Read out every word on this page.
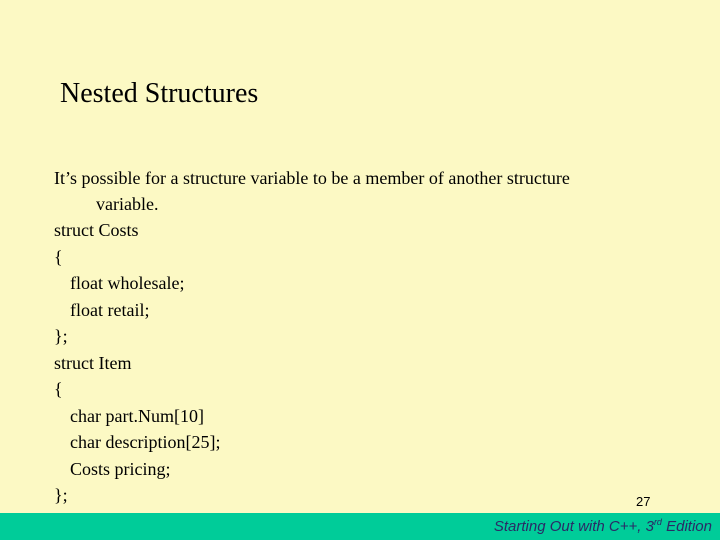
Nested Structures
It’s possible for a structure variable to be a member of another structure
variable.
struct Costs
{
float wholesale;
float retail;
};
struct Item
{
char part.Num[10]
char description[25];
Costs pricing;
};	27
Starting Out with C++, 3rd Edition
